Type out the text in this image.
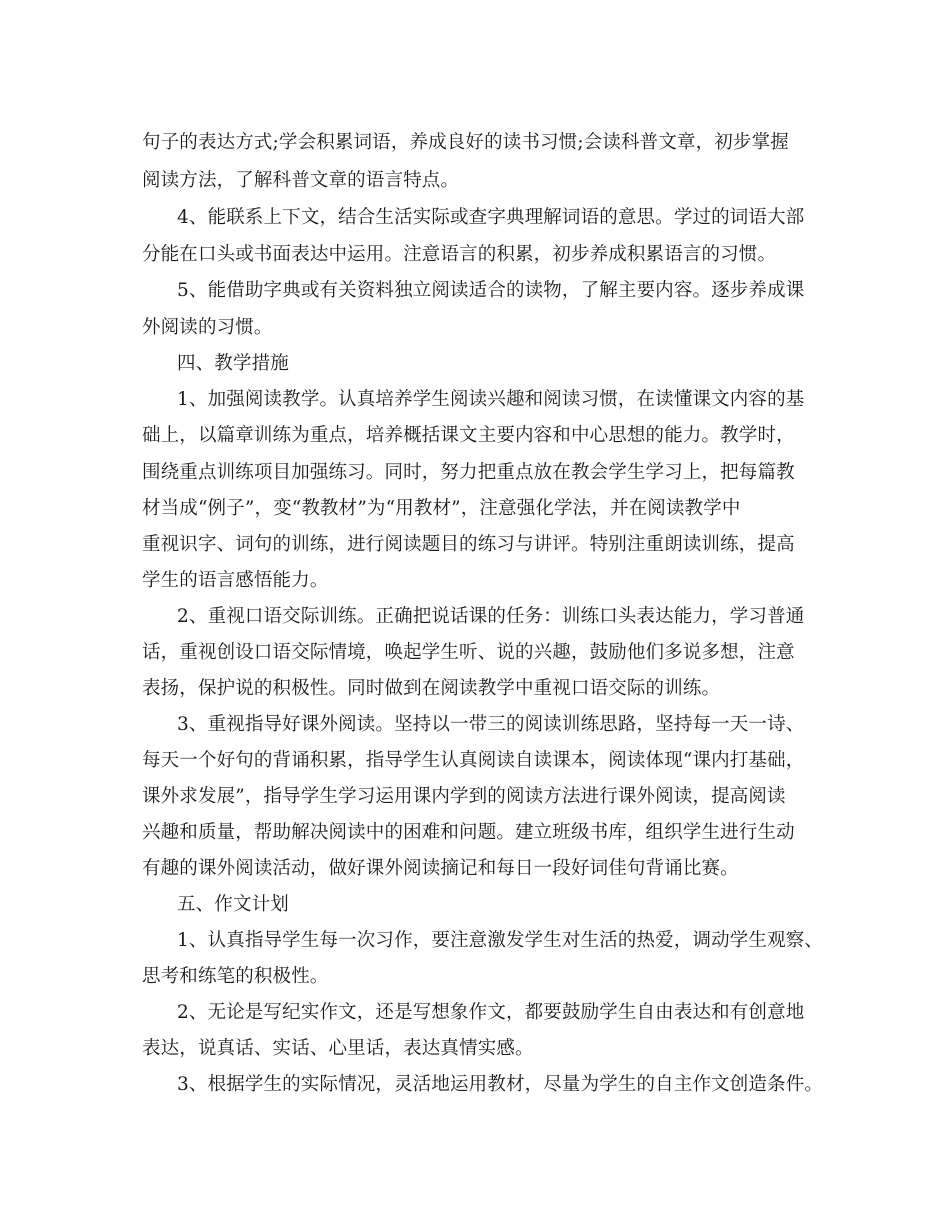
句子的表达方式;学会积累词语，养成良好的读书习惯;会读科普文章，初步掌握
阅读方法，了解科普文章的语言特点。
4、能联系上下文，结合生活实际或查字典理解词语的意思。学过的词语大部
分能在口头或书面表达中运用。注意语言的积累，初步养成积累语言的习惯。
5、能借助字典或有关资料独立阅读适合的读物，了解主要内容。逐步养成课
外阅读的习惯。
四、教学措施
1、加强阅读教学。认真培养学生阅读兴趣和阅读习惯，在读懂课文内容的基
础上，以篇章训练为重点，培养概括课文主要内容和中心思想的能力。教学时，
围绕重点训练项目加强练习。同时，努力把重点放在教会学生学习上，把每篇教
材当成“例子”，变“教教材”为“用教材”，注意强化学法，并在阅读教学中
重视识字、词句的训练，进行阅读题目的练习与讲评。特别注重朗读训练，提高
学生的语言感悟能力。
2、重视口语交际训练。正确把说话课的任务：训练口头表达能力，学习普通
话，重视创设口语交际情境，唤起学生听、说的兴趣，鼓励他们多说多想，注意
表扬，保护说的积极性。同时做到在阅读教学中重视口语交际的训练。
3、重视指导好课外阅读。坚持以一带三的阅读训练思路，坚持每一天一诗、
每天一个好句的背诵积累，指导学生认真阅读自读课本，阅读体现“课内打基础，
课外求发展”，指导学生学习运用课内学到的阅读方法进行课外阅读，提高阅读
兴趣和质量，帮助解决阅读中的困难和问题。建立班级书库，组织学生进行生动
有趣的课外阅读活动，做好课外阅读摘记和每日一段好词佳句背诵比赛。
五、作文计划
1、认真指导学生每一次习作，要注意激发学生对生活的热爱，调动学生观察、
思考和练笔的积极性。
2、无论是写纪实作文，还是写想象作文，都要鼓励学生自由表达和有创意地
表达，说真话、实话、心里话，表达真情实感。
3、根据学生的实际情况，灵活地运用教材，尽量为学生的自主作文创造条件。
